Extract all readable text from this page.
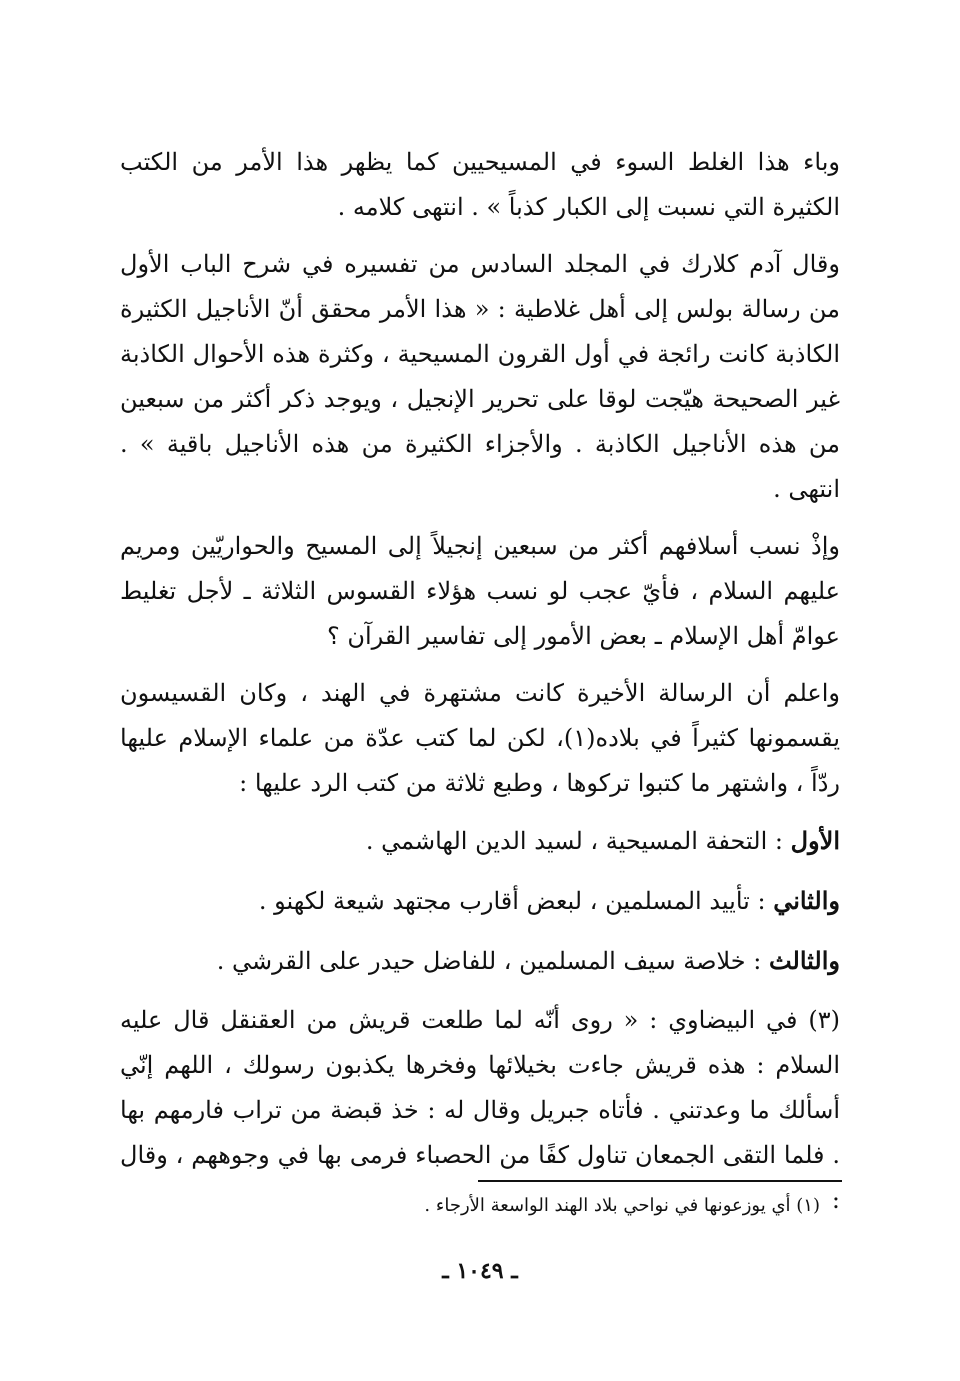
وباء هذا الغلط السوء في المسيحيين كما يظهر هذا الأمر من الكتب الكثيرة التي نسبت إلى الكبار كذباً » . انتهى كلامه .

وقال آدم كلارك في المجلد السادس من تفسيره في شرح الباب الأول من رسالة بولس إلى أهل غلاطية : « هذا الأمر محقق أنّ الأناجيل الكثيرة الكاذبة كانت رائجة في أول القرون المسيحية ، وكثرة هذه الأحوال الكاذبة غير الصحيحة هيّجت لوقا على تحرير الإنجيل ، ويوجد ذكر أكثر من سبعين من هذه الأناجيل الكاذبة . والأجزاء الكثيرة من هذه الأناجيل باقية » . انتهى .

وإذْ نسب أسلافهم أكثر من سبعين إنجيلاً إلى المسيح والحواريّين ومريم عليهم السلام ، فأيّ عجب لو نسب هؤلاء القسوس الثلاثة ـ لأجل تغليط عوامّ أهل الإسلام ـ بعض الأمور إلى تفاسير القرآن ؟

واعلم أن الرسالة الأخيرة كانت مشتهرة في الهند ، وكان القسيسون يقسمونها كثيراً في بلاده(١)، لكن لما كتب عدّة من علماء الإسلام عليها ردّاً ، واشتهر ما كتبوا تركوها ، وطبع ثلاثة من كتب الرد عليها :

الأول : التحفة المسيحية ، لسيد الدين الهاشمي .

والثاني : تأييد المسلمين ، لبعض أقارب مجتهد شيعة لكهنو .

والثالث : خلاصة سيف المسلمين ، للفاضل حيدر على القرشي .

(٣) في البيضاوي : « روى أنّه لما طلعت قريش من العقنقل قال عليه السلام : هذه قريش جاءت بخيلائها وفخرها يكذبون رسولك ، اللهم إنّي أسألك ما وعدتني . فأتاه جبريل وقال له : خذ قبضة من تراب فارمهم بها . فلما التقى الجمعان تناول كفًا من الحصباء فرمى بها في وجوههم ، وقال :

(١) أي يوزعونها في نواحي بلاد الهند الواسعة الأرجاء .
ـ ١٠٤٩ ـ
